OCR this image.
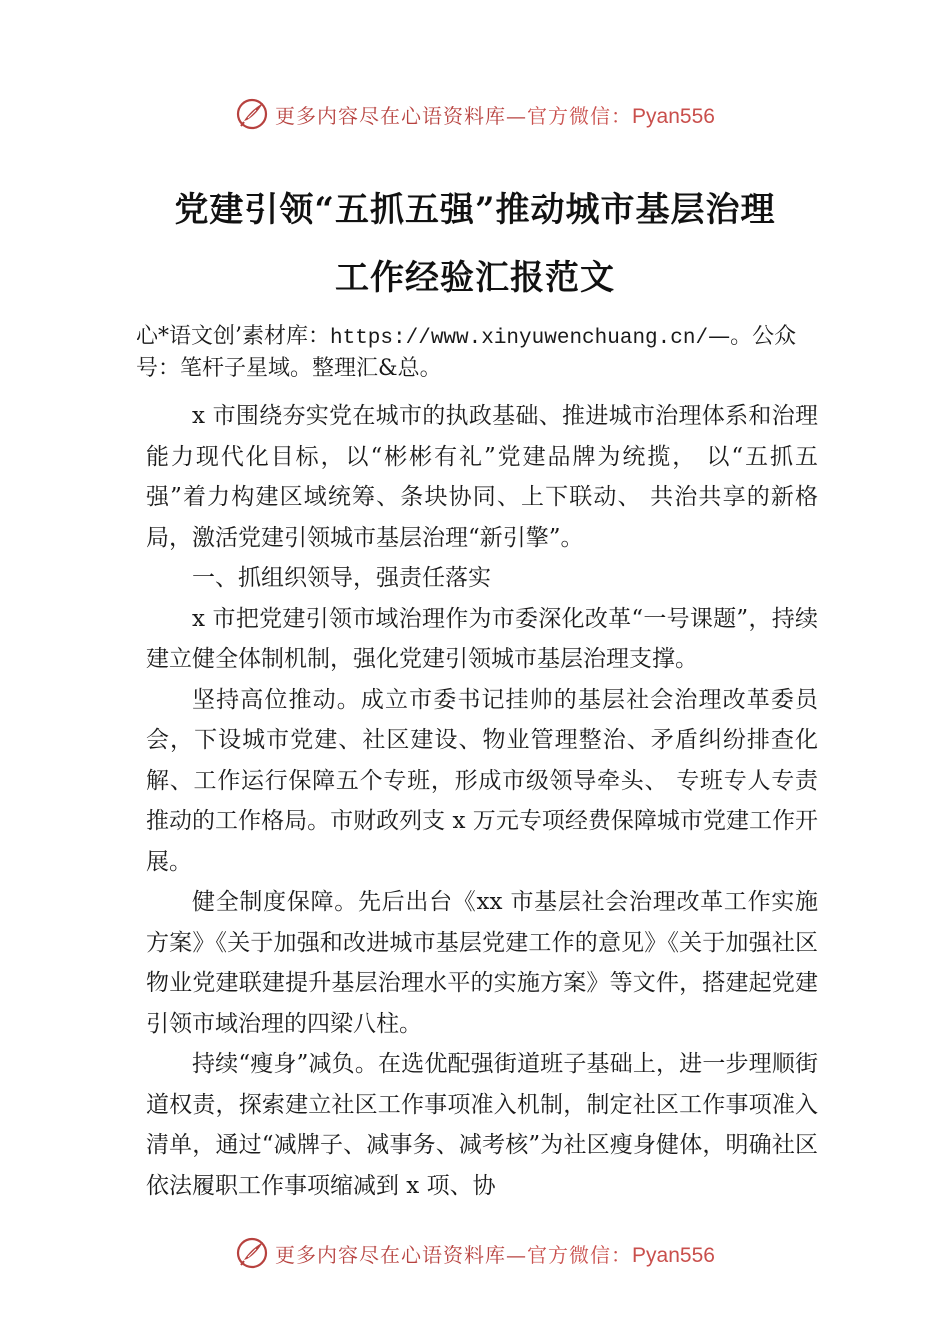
更多内容尽在心语资料库—官方微信：Pyan556
党建引领“五抓五强”推动城市基层治理
工作经验汇报范文
心*语文创’素材库：https://www.xinyuwenchuang.cn/—。公众号：笔杆子星域。整理汇&总。

x 市围绕夯实党在城市的执政基础、推进城市治理体系和治理能力现代化目标，以“彬彬有礼”党建品牌为统揽， 以“五抓五强”着力构建区域统筹、条块协同、上下联动、 共治共享的新格局，激活党建引领城市基层治理“新引擎”。

一、抓组织领导，强责任落实

x 市把党建引领市域治理作为市委深化改革“一号课题”，持续建立健全体制机制，强化党建引领城市基层治理支撑。

坚持高位推动。成立市委书记挂帅的基层社会治理改革委员会，下设城市党建、社区建设、物业管理整治、矛盾纠纷排查化解、工作运行保障五个专班，形成市级领导牵头、 专班专人专责推动的工作格局。市财政列支 x 万元专项经费保障城市党建工作开展。

健全制度保障。先后出台《xx 市基层社会治理改革工作实施方案》《关于加强和改进城市基层党建工作的意见》《关于加强社区物业党建联建提升基层治理水平的实施方案》等文件，搭建起党建引领市域治理的四梁八柱。

持续“瘦身”减负。在选优配强街道班子基础上，进一步理顺街道权责，探索建立社区工作事项准入机制，制定社区工作事项准入清单，通过“减牌子、减事务、减考核”为社区瘦身健体，明确社区依法履职工作事项缩减到 x 项、协

更多内容尽在心语资料库—官方微信：Pyan556
